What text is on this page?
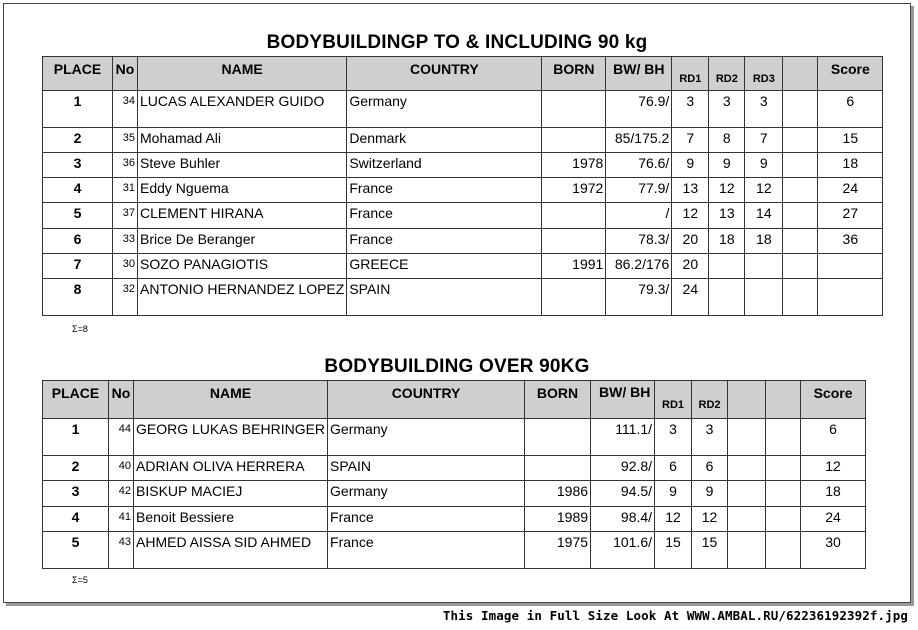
BODYBUILDINGP TO & INCLUDING 90 kg
PLACE	No	NAME	COUNTRY	BORN	BW/ BH	RD1	RD2	RD3		Score
1	34	LUCAS ALEXANDER GUIDO	Germany		76.9/	3	3	3		6
2	35	Mohamad Ali	Denmark		85/175.2	7	8	7		15
3	36	Steve Buhler	Switzerland	1978	76.6/	9	9	9		18
4	31	Eddy Nguema	France	1972	77.9/	13	12	12		24
5	37	CLEMENT HIRANA	France		/	12	13	14		27
6	33	Brice De Beranger	France		78.3/	20	18	18		36
7	30	SOZO PANAGIOTIS	GREECE	1991	86.2/176	20				
8	32	ANTONIO HERNANDEZ LOPEZ	SPAIN		79.3/	24				
Σ=8
BODYBUILDING OVER 90KG
PLACE	No	NAME	COUNTRY	BORN	BW/ BH	RD1	RD2			Score
1	44	GEORG LUKAS BEHRINGER	Germany		111.1/	3	3			6
2	40	ADRIAN OLIVA HERRERA	SPAIN		92.8/	6	6			12
3	42	BISKUP MACIEJ	Germany	1986	94.5/	9	9			18
4	41	Benoit Bessiere	France	1989	98.4/	12	12			24
5	43	AHMED AISSA SID AHMED	France	1975	101.6/	15	15			30
Σ=5
This Image in Full Size Look At WWW.AMBAL.RU/62236192392f.jpg
